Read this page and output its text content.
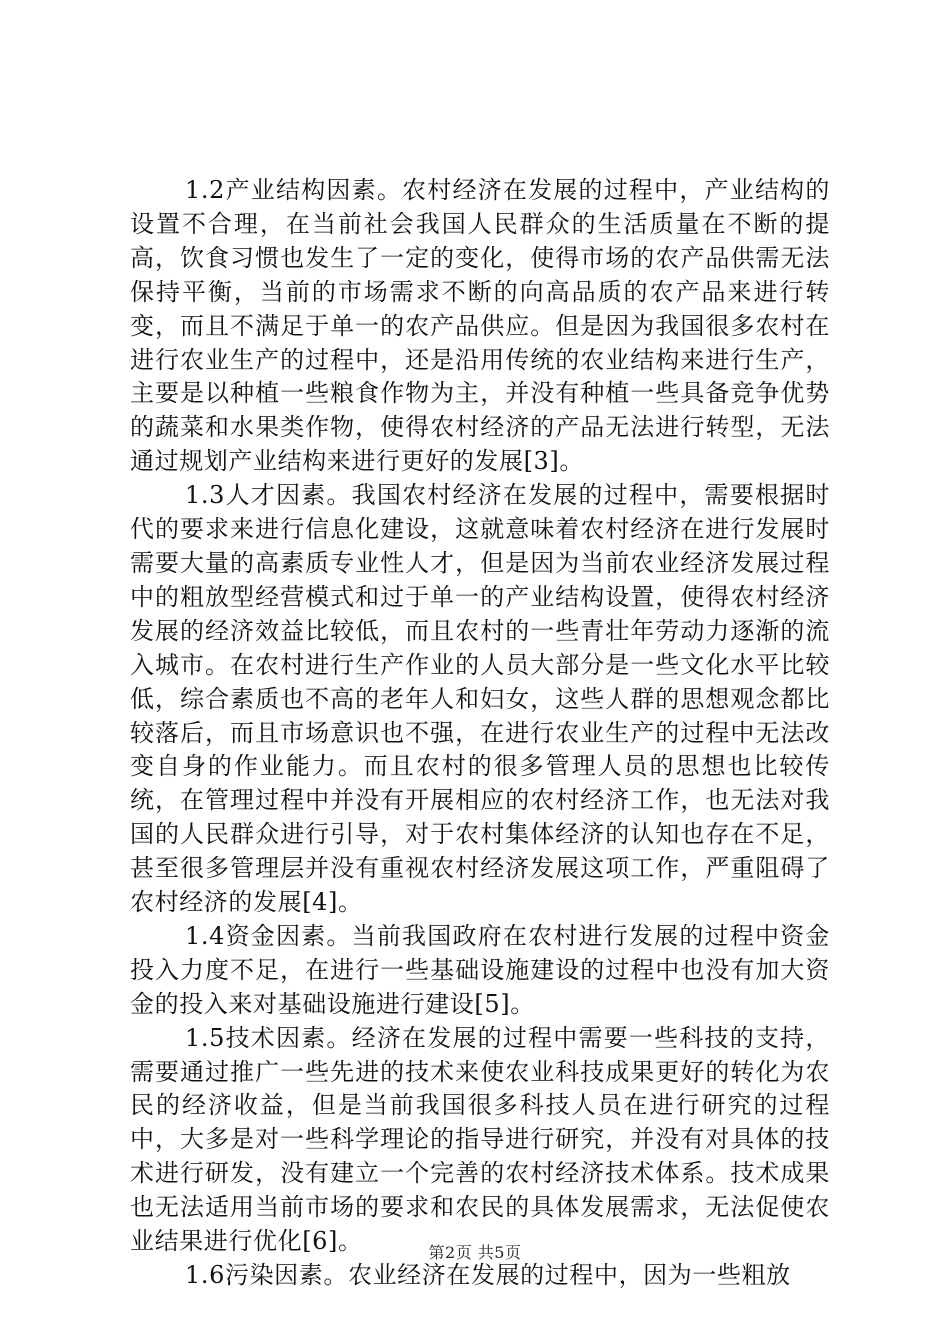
1.2产业结构因素。农村经济在发展的过程中，产业结构的设置不合理，在当前社会我国人民群众的生活质量在不断的提高，饮食习惯也发生了一定的变化，使得市场的农产品供需无法保持平衡，当前的市场需求不断的向高品质的农产品来进行转变，而且不满足于单一的农产品供应。但是因为我国很多农村在进行农业生产的过程中，还是沿用传统的农业结构来进行生产，主要是以种植一些粮食作物为主，并没有种植一些具备竞争优势的蔬菜和水果类作物，使得农村经济的产品无法进行转型，无法通过规划产业结构来进行更好的发展[3]。

1.3人才因素。我国农村经济在发展的过程中，需要根据时代的要求来进行信息化建设，这就意味着农村经济在进行发展时需要大量的高素质专业性人才，但是因为当前农业经济发展过程中的粗放型经营模式和过于单一的产业结构设置，使得农村经济发展的经济效益比较低，而且农村的一些青壮年劳动力逐渐的流入城市。在农村进行生产作业的人员大部分是一些文化水平比较低，综合素质也不高的老年人和妇女，这些人群的思想观念都比较落后，而且市场意识也不强，在进行农业生产的过程中无法改变自身的作业能力。而且农村的很多管理人员的思想也比较传统，在管理过程中并没有开展相应的农村经济工作，也无法对我国的人民群众进行引导，对于农村集体经济的认知也存在不足，甚至很多管理层并没有重视农村经济发展这项工作，严重阻碍了农村经济的发展[4]。

1.4资金因素。当前我国政府在农村进行发展的过程中资金投入力度不足，在进行一些基础设施建设的过程中也没有加大资金的投入来对基础设施进行建设[5]。

1.5技术因素。经济在发展的过程中需要一些科技的支持，需要通过推广一些先进的技术来使农业科技成果更好的转化为农民的经济收益，但是当前我国很多科技人员在进行研究的过程中，大多是对一些科学理论的指导进行研究，并没有对具体的技术进行研发，没有建立一个完善的农村经济技术体系。技术成果也无法适用当前市场的要求和农民的具体发展需求，无法促使农业结果进行优化[6]。

1.6污染因素。农业经济在发展的过程中，因为一些粗放

第2页 共5页
